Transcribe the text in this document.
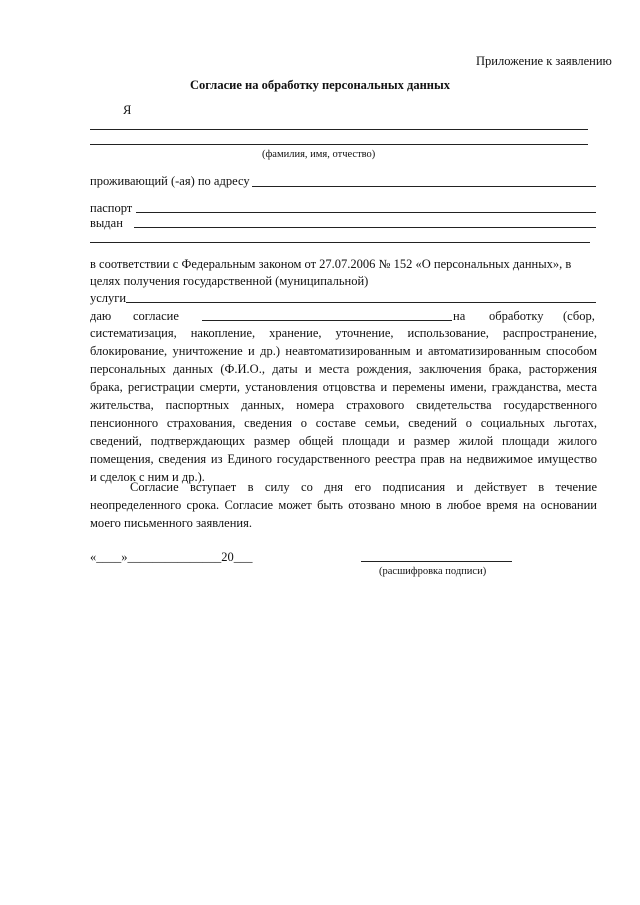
Приложение к заявлению
Согласие на обработку персональных данных
Я
(фамилия, имя, отчество)
проживающий (-ая) по адресу
паспорт
выдан
в соответствии с Федеральным законом от 27.07.2006 № 152 «О персональных данных», в
целях получения государственной (муниципальной)
услуги
даю согласие	на обработку (сбор,
систематизация, накопление, хранение, уточнение, использование, распространение,
блокирование, уничтожение и др.) неавтоматизированным и автоматизированным способом
персональных данных (Ф.И.О., даты и места рождения, заключения брака, расторжения
брака, регистрации смерти, установления отцовства и перемены имени, гражданства, места
жительства, паспортных данных, номера страхового свидетельства государственного
пенсионного страхования, сведения о составе семьи, сведений о социальных льготах,
сведений, подтверждающих размер общей площади и размер жилой площади жилого
помещения, сведения из Единого государственного реестра прав на недвижимое имущество
и сделок с ним и др.).
Согласие вступает в силу со дня его подписания и действует в течение
неопределенного срока. Согласие может быть отозвано мною в любое время на основании
моего письменного заявления.
«____»_______________20___
(расшифровка подписи)
